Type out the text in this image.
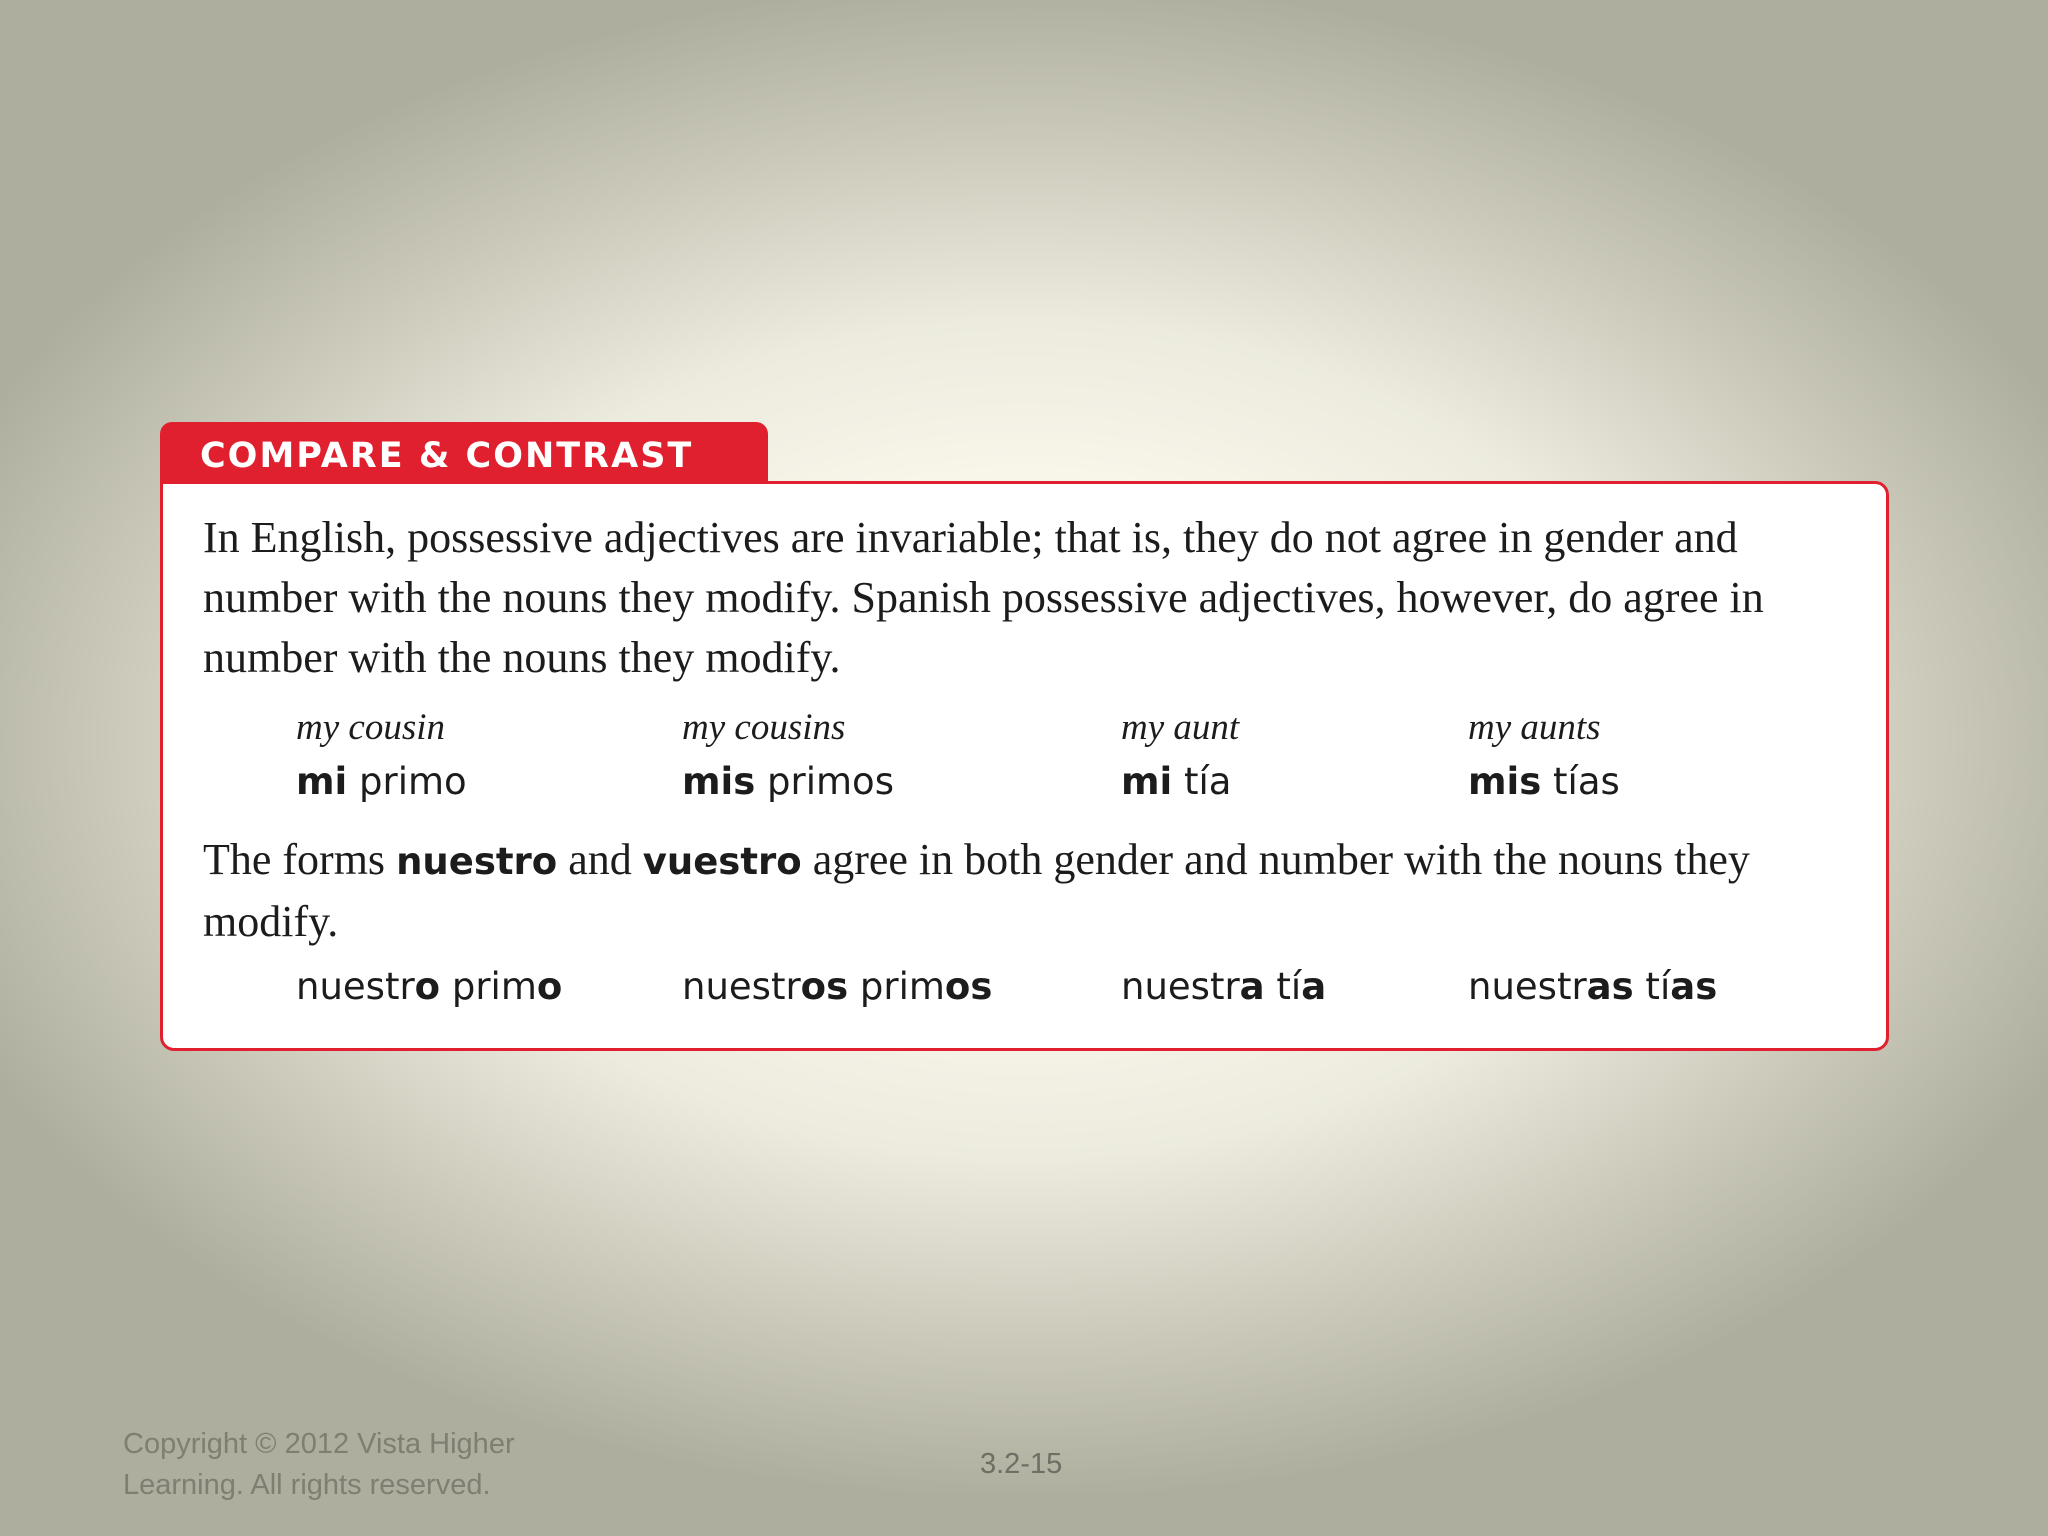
COMPARE & CONTRAST

In English, possessive adjectives are invariable; that is, they do not agree in gender and number with the nouns they modify. Spanish possessive adjectives, however, do agree in number with the nouns they modify.

my cousin	my cousins	my aunt	my aunts
mi primo	mis primos	mi tía	mis tías

The forms nuestro and vuestro agree in both gender and number with the nouns they modify.

nuestro primo	nuestros primos	nuestra tía	nuestras tías
Copyright © 2012 Vista Higher Learning. All rights reserved.
3.2-15
